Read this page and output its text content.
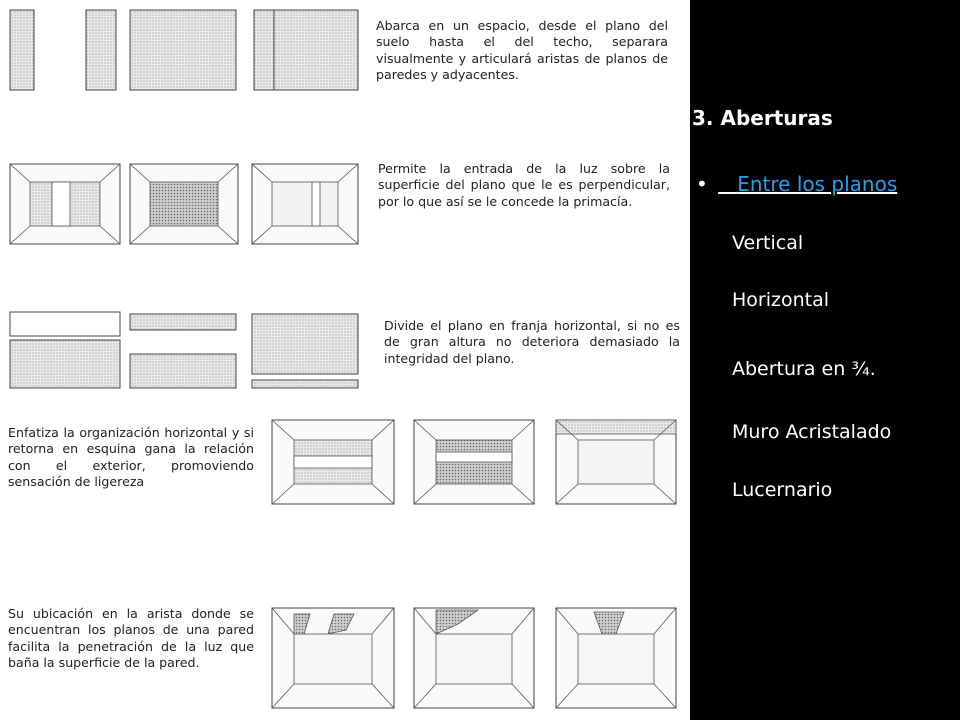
Abarca en un espacio, desde el plano del suelo hasta el del techo, separara visualmente y articulará aristas de planos de paredes y adyacentes.

Permite la entrada de la luz sobre la superficie del plano que le es perpendicular, por lo que así se le concede la primacía.

Divide el plano en franja horizontal, si no es de gran altura no deteriora demasiado la integridad del plano.

Enfatiza la organización horizontal y si retorna en esquina gana la relación con el exterior, promoviendo sensación de ligereza

Su ubicación en la arista donde se encuentran los planos de una pared facilita la penetración de la luz que baña la superficie de la pared.

3. Aberturas

• Entre los planos

Vertical

Horizontal

Abertura en ¾.

Muro Acristalado

Lucernario
